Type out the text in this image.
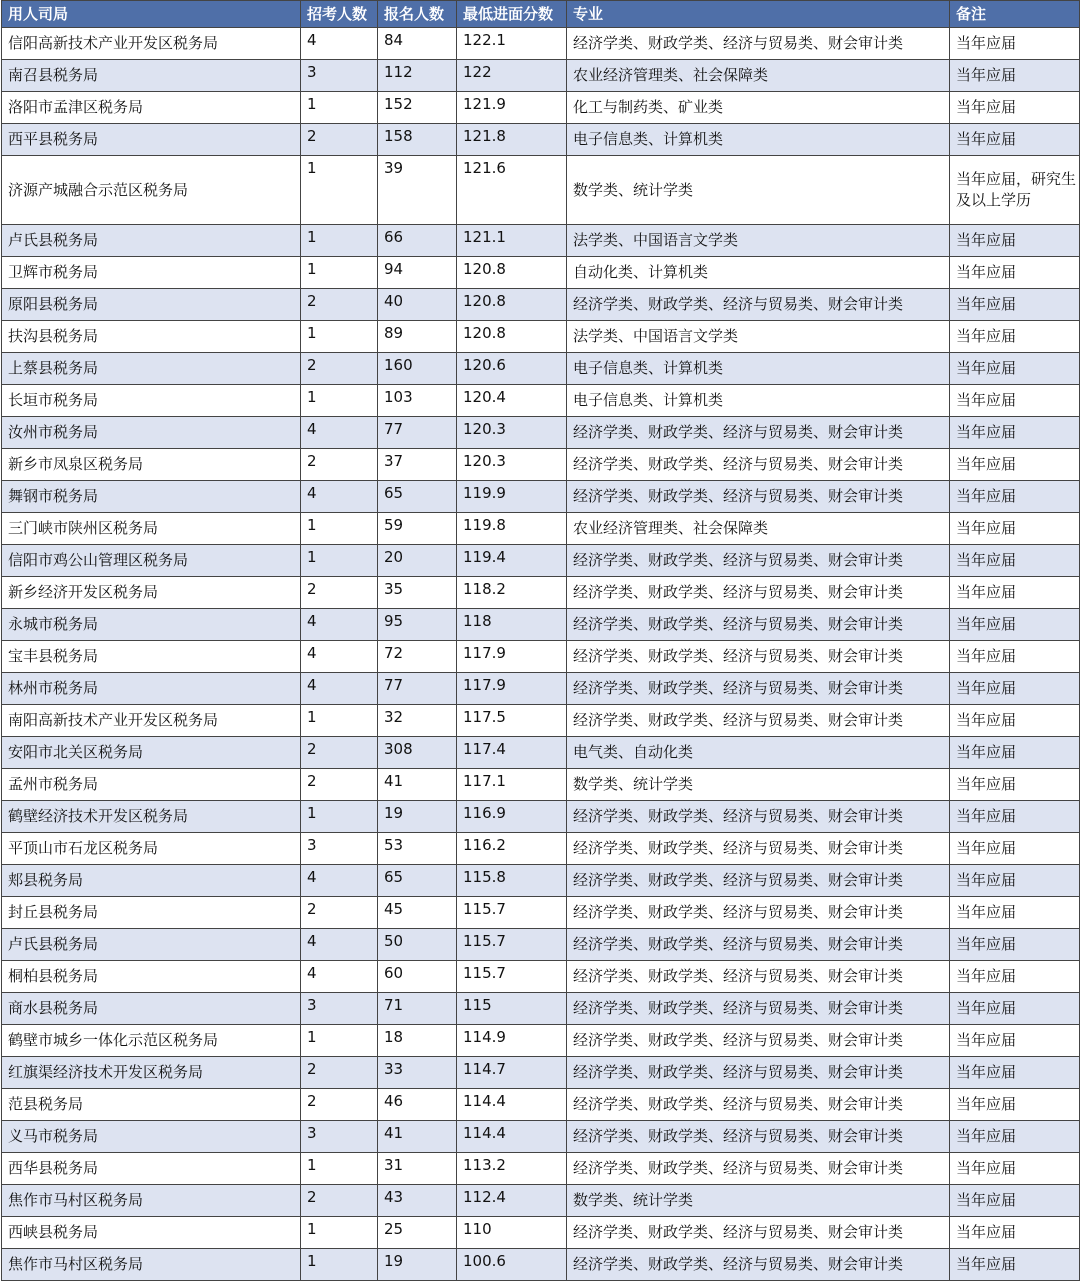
用人司局	招考人数	报名人数	最低进面分数	专业	备注
信阳高新技术产业开发区税务局	4	84	122.1	经济学类、财政学类、经济与贸易类、财会审计类	当年应届
南召县税务局	3	112	122	农业经济管理类、社会保障类	当年应届
洛阳市孟津区税务局	1	152	121.9	化工与制药类、矿业类	当年应届
西平县税务局	2	158	121.8	电子信息类、计算机类	当年应届
济源产城融合示范区税务局	1	39	121.6	数学类、统计学类	当年应届，研究生及以上学历
卢氏县税务局	1	66	121.1	法学类、中国语言文学类	当年应届
卫辉市税务局	1	94	120.8	自动化类、计算机类	当年应届
原阳县税务局	2	40	120.8	经济学类、财政学类、经济与贸易类、财会审计类	当年应届
扶沟县税务局	1	89	120.8	法学类、中国语言文学类	当年应届
上蔡县税务局	2	160	120.6	电子信息类、计算机类	当年应届
长垣市税务局	1	103	120.4	电子信息类、计算机类	当年应届
汝州市税务局	4	77	120.3	经济学类、财政学类、经济与贸易类、财会审计类	当年应届
新乡市凤泉区税务局	2	37	120.3	经济学类、财政学类、经济与贸易类、财会审计类	当年应届
舞钢市税务局	4	65	119.9	经济学类、财政学类、经济与贸易类、财会审计类	当年应届
三门峡市陕州区税务局	1	59	119.8	农业经济管理类、社会保障类	当年应届
信阳市鸡公山管理区税务局	1	20	119.4	经济学类、财政学类、经济与贸易类、财会审计类	当年应届
新乡经济开发区税务局	2	35	118.2	经济学类、财政学类、经济与贸易类、财会审计类	当年应届
永城市税务局	4	95	118	经济学类、财政学类、经济与贸易类、财会审计类	当年应届
宝丰县税务局	4	72	117.9	经济学类、财政学类、经济与贸易类、财会审计类	当年应届
林州市税务局	4	77	117.9	经济学类、财政学类、经济与贸易类、财会审计类	当年应届
南阳高新技术产业开发区税务局	1	32	117.5	经济学类、财政学类、经济与贸易类、财会审计类	当年应届
安阳市北关区税务局	2	308	117.4	电气类、自动化类	当年应届
孟州市税务局	2	41	117.1	数学类、统计学类	当年应届
鹤壁经济技术开发区税务局	1	19	116.9	经济学类、财政学类、经济与贸易类、财会审计类	当年应届
平顶山市石龙区税务局	3	53	116.2	经济学类、财政学类、经济与贸易类、财会审计类	当年应届
郏县税务局	4	65	115.8	经济学类、财政学类、经济与贸易类、财会审计类	当年应届
封丘县税务局	2	45	115.7	经济学类、财政学类、经济与贸易类、财会审计类	当年应届
卢氏县税务局	4	50	115.7	经济学类、财政学类、经济与贸易类、财会审计类	当年应届
桐柏县税务局	4	60	115.7	经济学类、财政学类、经济与贸易类、财会审计类	当年应届
商水县税务局	3	71	115	经济学类、财政学类、经济与贸易类、财会审计类	当年应届
鹤壁市城乡一体化示范区税务局	1	18	114.9	经济学类、财政学类、经济与贸易类、财会审计类	当年应届
红旗渠经济技术开发区税务局	2	33	114.7	经济学类、财政学类、经济与贸易类、财会审计类	当年应届
范县税务局	2	46	114.4	经济学类、财政学类、经济与贸易类、财会审计类	当年应届
义马市税务局	3	41	114.4	经济学类、财政学类、经济与贸易类、财会审计类	当年应届
西华县税务局	1	31	113.2	经济学类、财政学类、经济与贸易类、财会审计类	当年应届
焦作市马村区税务局	2	43	112.4	数学类、统计学类	当年应届
西峡县税务局	1	25	110	经济学类、财政学类、经济与贸易类、财会审计类	当年应届
焦作市马村区税务局	1	19	100.6	经济学类、财政学类、经济与贸易类、财会审计类	当年应届
